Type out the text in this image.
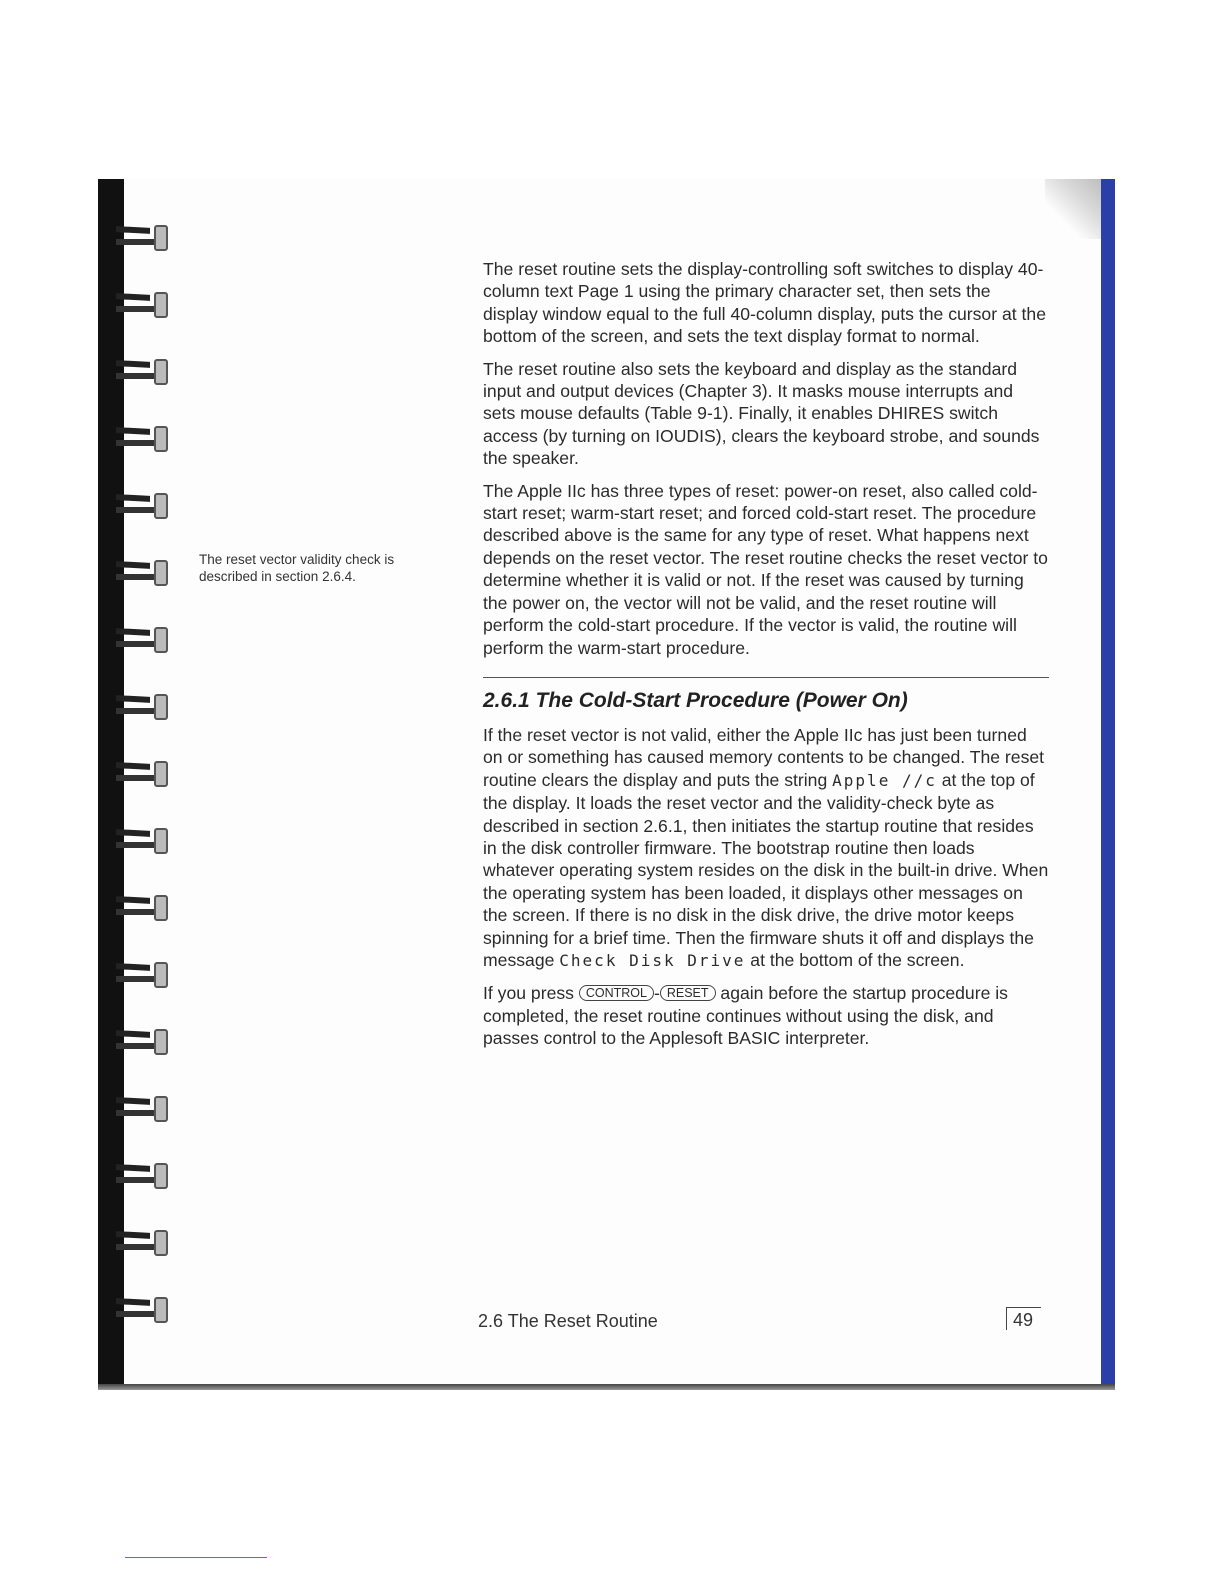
The reset vector validity check is described in section 2.6.4.

The reset routine sets the display-controlling soft switches to display 40-column text Page 1 using the primary character set, then sets the display window equal to the full 40-column display, puts the cursor at the bottom of the screen, and sets the text display format to normal.

The reset routine also sets the keyboard and display as the standard input and output devices (Chapter 3). It masks mouse interrupts and sets mouse defaults (Table 9-1). Finally, it enables DHIRES switch access (by turning on IOUDIS), clears the keyboard strobe, and sounds the speaker.

The Apple IIc has three types of reset: power-on reset, also called cold-start reset; warm-start reset; and forced cold-start reset. The procedure described above is the same for any type of reset. What happens next depends on the reset vector. The reset routine checks the reset vector to determine whether it is valid or not. If the reset was caused by turning the power on, the vector will not be valid, and the reset routine will perform the cold-start procedure. If the vector is valid, the routine will perform the warm-start procedure.

2.6.1 The Cold-Start Procedure (Power On)

If the reset vector is not valid, either the Apple IIc has just been turned on or something has caused memory contents to be changed. The reset routine clears the display and puts the string Apple //c at the top of the display. It loads the reset vector and the validity-check byte as described in section 2.6.1, then initiates the startup routine that resides in the disk controller firmware. The bootstrap routine then loads whatever operating system resides on the disk in the built-in drive. When the operating system has been loaded, it displays other messages on the screen. If there is no disk in the disk drive, the drive motor keeps spinning for a brief time. Then the firmware shuts it off and displays the message Check Disk Drive at the bottom of the screen.

If you press CONTROL - RESET again before the startup procedure is completed, the reset routine continues without using the disk, and passes control to the Applesoft BASIC interpreter.

2.6 The Reset Routine	49
